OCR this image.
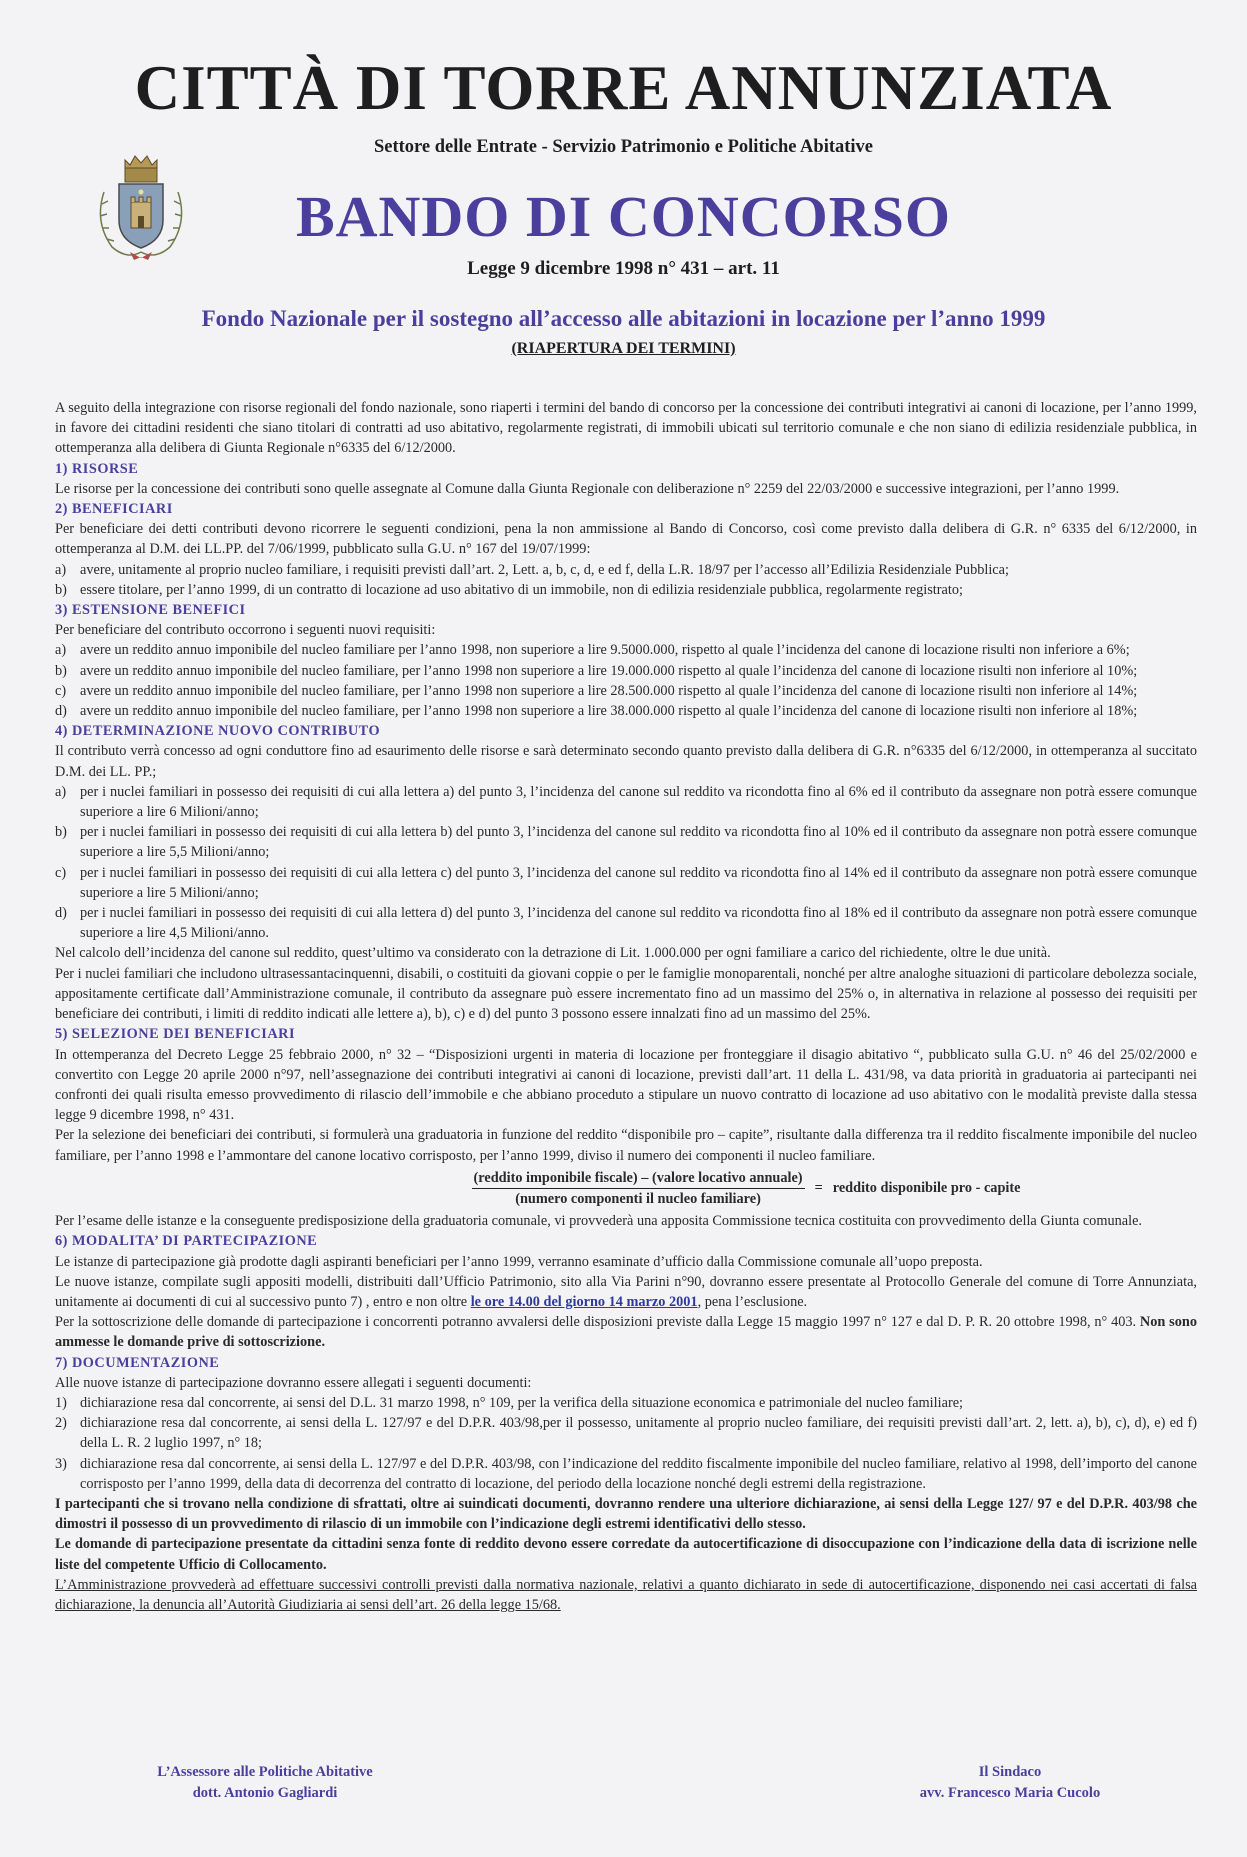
CITTÀ DI TORRE ANNUNZIATA
Settore delle Entrate - Servizio Patrimonio e Politiche Abitative
BANDO DI CONCORSO
Legge 9 dicembre 1998 n° 431 – art. 11
Fondo Nazionale per il sostegno all’accesso alle abitazioni in locazione per l’anno 1999
(RIAPERTURA DEI TERMINI)

A seguito della integrazione con risorse regionali del fondo nazionale, sono riaperti i termini del bando di concorso per la concessione dei contributi integrativi ai canoni di locazione, per l’anno 1999, in favore dei cittadini residenti che siano titolari di contratti ad uso abitativo, regolarmente registrati, di immobili ubicati sul territorio comunale e che non siano di edilizia residenziale pubblica, in ottemperanza alla delibera di Giunta Regionale n°6335 del 6/12/2000.

1) RISORSE

Le risorse per la concessione dei contributi sono quelle assegnate al Comune dalla Giunta Regionale con deliberazione n° 2259 del 22/03/2000 e successive integrazioni, per l’anno 1999.

2) BENEFICIARI

Per beneficiare dei detti contributi devono ricorrere le seguenti condizioni, pena la non ammissione al Bando di Concorso, così come previsto dalla delibera di G.R. n° 6335 del 6/12/2000, in ottemperanza al D.M. dei LL.PP. del 7/06/1999, pubblicato sulla G.U. n° 167 del 19/07/1999:

a) avere, unitamente al proprio nucleo familiare, i requisiti previsti dall’art. 2, Lett. a, b, c, d, e ed f, della L.R. 18/97 per l’accesso all’Edilizia Residenziale Pubblica;
b) essere titolare, per l’anno 1999, di un contratto di locazione ad uso abitativo di un immobile, non di edilizia residenziale pubblica, regolarmente registrato;
3) ESTENSIONE BENEFICI

Per beneficiare del contributo occorrono i seguenti nuovi requisiti:

a) avere un reddito annuo imponibile del nucleo familiare per l’anno 1998, non superiore a lire 9.5000.000, rispetto al quale l’incidenza del canone di locazione risulti non inferiore a 6%;
b) avere un reddito annuo imponibile del nucleo familiare, per l’anno 1998 non superiore a lire 19.000.000 rispetto al quale l’incidenza del canone di locazione risulti non inferiore al 10%;
c) avere un reddito annuo imponibile del nucleo familiare, per l’anno 1998 non superiore a lire 28.500.000 rispetto al quale l’incidenza del canone di locazione risulti non inferiore al 14%;
d) avere un reddito annuo imponibile del nucleo familiare, per l’anno 1998 non superiore a lire 38.000.000 rispetto al quale l’incidenza del canone di locazione risulti non inferiore al 18%;
4) DETERMINAZIONE NUOVO CONTRIBUTO

Il contributo verrà concesso ad ogni conduttore fino ad esaurimento delle risorse e sarà determinato secondo quanto previsto dalla delibera di G.R. n°6335 del 6/12/2000, in ottemperanza al succitato D.M. dei LL. PP.;

a) per i nuclei familiari in possesso dei requisiti di cui alla lettera a) del punto 3, l’incidenza del canone sul reddito va ricondotta fino al 6% ed il contributo da assegnare non potrà essere comunque superiore a lire 6 Milioni/anno;
b) per i nuclei familiari in possesso dei requisiti di cui alla lettera b) del punto 3, l’incidenza del canone sul reddito va ricondotta fino al 10% ed il contributo da assegnare non potrà essere comunque superiore a lire 5,5 Milioni/anno;
c) per i nuclei familiari in possesso dei requisiti di cui alla lettera c) del punto 3, l’incidenza del canone sul reddito va ricondotta fino al 14% ed il contributo da assegnare non potrà essere comunque superiore a lire 5 Milioni/anno;
d) per i nuclei familiari in possesso dei requisiti di cui alla lettera d) del punto 3, l’incidenza del canone sul reddito va ricondotta fino al 18% ed il contributo da assegnare non potrà essere comunque superiore a lire 4,5 Milioni/anno.

Nel calcolo dell’incidenza del canone sul reddito, quest’ultimo va considerato con la detrazione di Lit. 1.000.000 per ogni familiare a carico del richiedente, oltre le due unità.

Per i nuclei familiari che includono ultrasessantacinquenni, disabili, o costituiti da giovani coppie o per le famiglie monoparentali, nonché per altre analoghe situazioni di particolare debolezza sociale, appositamente certificate dall’Amministrazione comunale, il contributo da assegnare può essere incrementato fino ad un massimo del 25% o, in alternativa in relazione al possesso dei requisiti per beneficiare dei contributi, i limiti di reddito indicati alle lettere a), b), c) e d) del punto 3 possono essere innalzati fino ad un massimo del 25%.

5) SELEZIONE DEI BENEFICIARI

In ottemperanza del Decreto Legge 25 febbraio 2000, n° 32 – “Disposizioni urgenti in materia di locazione per fronteggiare il disagio abitativo “, pubblicato sulla G.U. n° 46 del 25/02/2000 e convertito con Legge 20 aprile 2000 n°97, nell’assegnazione dei contributi integrativi ai canoni di locazione, previsti dall’art. 11 della L. 431/98, va data priorità in graduatoria ai partecipanti nei confronti dei quali risulta emesso provvedimento di rilascio dell’immobile e che abbiano proceduto a stipulare un nuovo contratto di locazione ad uso abitativo con le modalità previste dalla stessa legge 9 dicembre 1998, n° 431.

Per la selezione dei beneficiari dei contributi, si formulerà una graduatoria in funzione del reddito “disponibile pro – capite”, risultante dalla differenza tra il reddito fiscalmente imponibile del nucleo familiare, per l’anno 1998 e l’ammontare del canone locativo corrisposto, per l’anno 1999, diviso il numero dei componenti il nucleo familiare.

$\frac{\text{(reddito imponibile fiscale) – (valore locativo annuale)}}{\text{(numero componenti il nucleo familiare)}}$ = reddito disponibile pro - capite

Per l’esame delle istanze e la conseguente predisposizione della graduatoria comunale, vi provvederà una apposita Commissione tecnica costituita con provvedimento della Giunta comunale.

6) MODALITA’ DI PARTECIPAZIONE

Le istanze di partecipazione già prodotte dagli aspiranti beneficiari per l’anno 1999, verranno esaminate d’ufficio dalla Commissione comunale all’uopo preposta.

Le nuove istanze, compilate sugli appositi modelli, distribuiti dall’Ufficio Patrimonio, sito alla Via Parini n°90, dovranno essere presentate al Protocollo Generale del comune di Torre Annunziata, unitamente ai documenti di cui al successivo punto 7) , entro e non oltre le ore 14.00 del giorno 14 marzo 2001, pena l’esclusione.

Per la sottoscrizione delle domande di partecipazione i concorrenti potranno avvalersi delle disposizioni previste dalla Legge 15 maggio 1997 n° 127 e dal D. P. R. 20 ottobre 1998, n° 403. Non sono ammesse le domande prive di sottoscrizione.

7) DOCUMENTAZIONE

Alle nuove istanze di partecipazione dovranno essere allegati i seguenti documenti:

1) dichiarazione resa dal concorrente, ai sensi del D.L. 31 marzo 1998, n° 109, per la verifica della situazione economica e patrimoniale del nucleo familiare;
2) dichiarazione resa dal concorrente, ai sensi della L. 127/97 e del D.P.R. 403/98,per il possesso, unitamente al proprio nucleo familiare, dei requisiti previsti dall’art. 2, lett. a), b), c), d), e) ed f) della L. R. 2 luglio 1997, n° 18;
3) dichiarazione resa dal concorrente, ai sensi della L. 127/97 e del D.P.R. 403/98, con l’indicazione del reddito fiscalmente imponibile del nucleo familiare, relativo al 1998, dell’importo del canone corrisposto per l’anno 1999, della data di decorrenza del contratto di locazione, del periodo della locazione nonché degli estremi della registrazione.

I partecipanti che si trovano nella condizione di sfrattati, oltre ai suindicati documenti, dovranno rendere una ulteriore dichiarazione, ai sensi della Legge 127/ 97 e del D.P.R. 403/98 che dimostri il possesso di un provvedimento di rilascio di un immobile con l’indicazione degli estremi identificativi dello stesso.

Le domande di partecipazione presentate da cittadini senza fonte di reddito devono essere corredate da autocertificazione di disoccupazione con l’indicazione della data di iscrizione nelle liste del competente Ufficio di Collocamento.

L’Amministrazione provvederà ad effettuare successivi controlli previsti dalla normativa nazionale, relativi a quanto dichiarato in sede di autocertificazione, disponendo nei casi accertati di falsa dichiarazione, la denuncia all’Autorità Giudiziaria ai sensi dell’art. 26 della legge 15/68.

L’Assessore alle Politiche Abitative
dott. Antonio Gagliardi
Il Sindaco
avv. Francesco Maria Cucolo
